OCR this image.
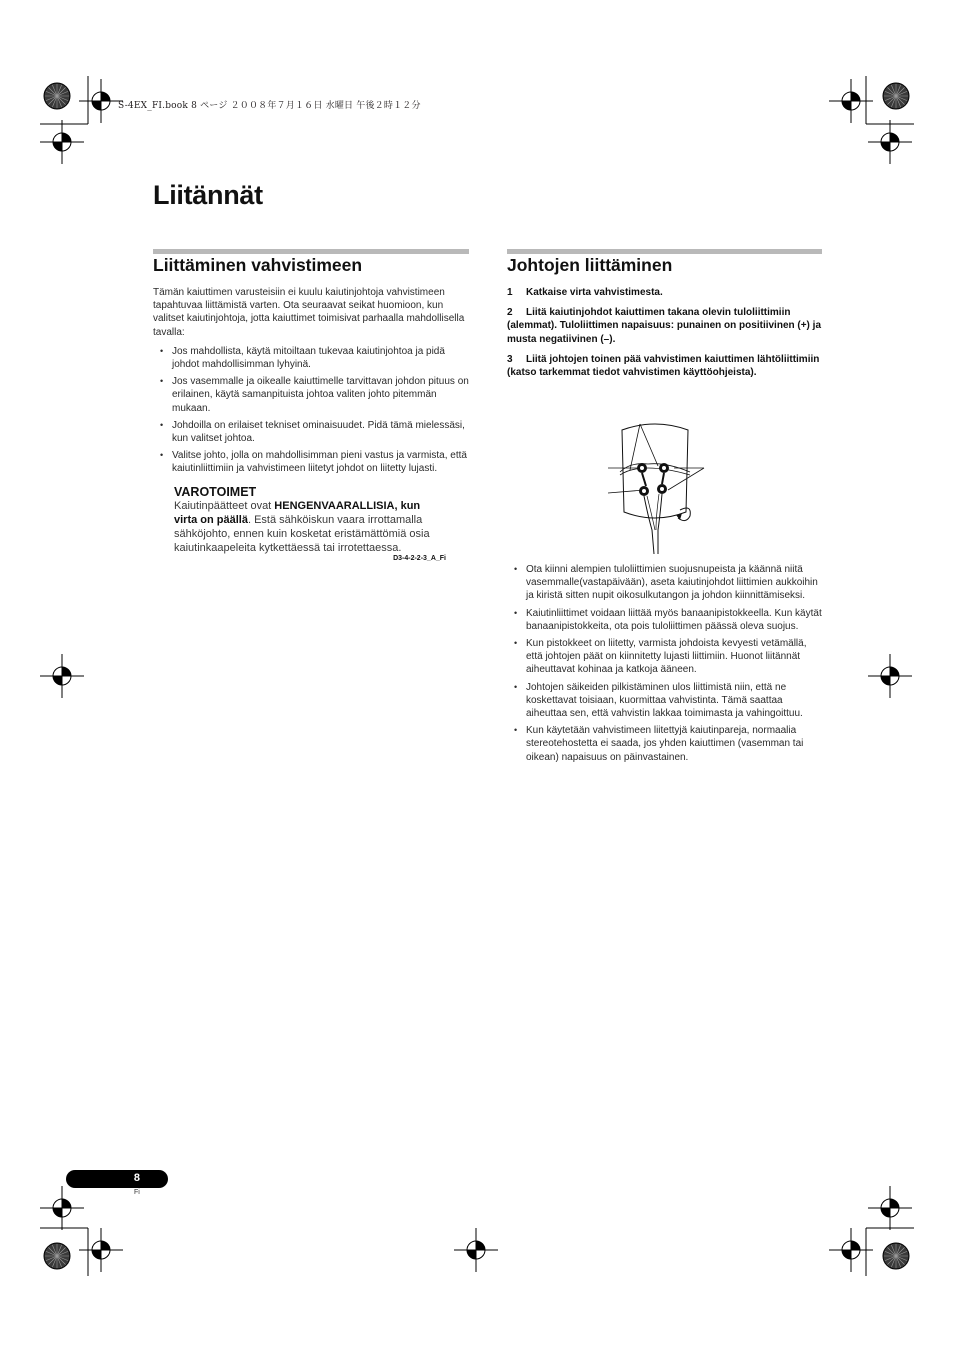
S-4EX_FI.book 8 ページ ２００８年７月１６日 水曜日 午後２時１２分
Liitännät
Liittäminen vahvistimeen

Tämän kaiuttimen varusteisiin ei kuulu kaiutinjohtoja vahvistimeen tapahtuvaa liittämistä varten. Ota seuraavat seikat huomioon, kun valitset kaiutinjohtoja, jotta kaiuttimet toimisivat parhaalla mahdollisella tavalla:

• Jos mahdollista, käytä mitoiltaan tukevaa kaiutinjohtoa ja pidä johdot mahdollisimman lyhyinä.
• Jos vasemmalle ja oikealle kaiuttimelle tarvittavan johdon pituus on erilainen, käytä samanpituista johtoa valiten johto pitemmän mukaan.
• Johdoilla on erilaiset tekniset ominaisuudet. Pidä tämä mielessäsi, kun valitset johtoa.
• Valitse johto, jolla on mahdollisimman pieni vastus ja varmista, että kaiutinliittimiin ja vahvistimeen liitetyt johdot on liitetty lujasti.

VAROTOIMET

Kaiutinpäätteet ovat HENGENVAARALLISIA, kun virta on päällä. Estä sähköiskun vaara irrottamalla sähköjohto, ennen kuin kosketat eristämättömiä osia kaiutinkaapeleita kytkettäessä tai irrotettaessa.

D3-4-2-2-3_A_Fi
Johtojen liittäminen

1 Katkaise virta vahvistimesta.

2 Liitä kaiutinjohdot kaiuttimen takana olevin tuloliittimiin (alemmat). Tuloliittimen napaisuus: punainen on positiivinen (+) ja musta negatiivinen (–).

3 Liitä johtojen toinen pää vahvistimen kaiuttimen lähtöliittimiin (katso tarkemmat tiedot vahvistimen käyttöohjeista).

• Ota kiinni alempien tuloliittimien suojusnupeista ja käännä niitä vasemmalle(vastapäivään), aseta kaiutinjohdot liittimien aukkoihin ja kiristä sitten nupit oikosulkutangon ja johdon kiinnittämiseksi.
• Kaiutinliittimet voidaan liittää myös banaanipistokkeella. Kun käytät banaanipistokkeita, ota pois tuloliittimen päässä oleva suojus.
• Kun pistokkeet on liitetty, varmista johdoista kevyesti vetämällä, että johtojen päät on kiinnitetty lujasti liittimiin. Huonot liitännät aiheuttavat kohinaa ja katkoja ääneen.
• Johtojen säikeiden pilkistäminen ulos liittimistä niin, että ne koskettavat toisiaan, kuormittaa vahvistinta. Tämä saattaa aiheuttaa sen, että vahvistin lakkaa toimimasta ja vahingoittuu.
• Kun käytetään vahvistimeen liitettyjä kaiutinpareja, normaalia stereotehostetta ei saada, jos yhden kaiuttimen (vasemman tai oikean) napaisuus on päinvastainen.
8
Fi
